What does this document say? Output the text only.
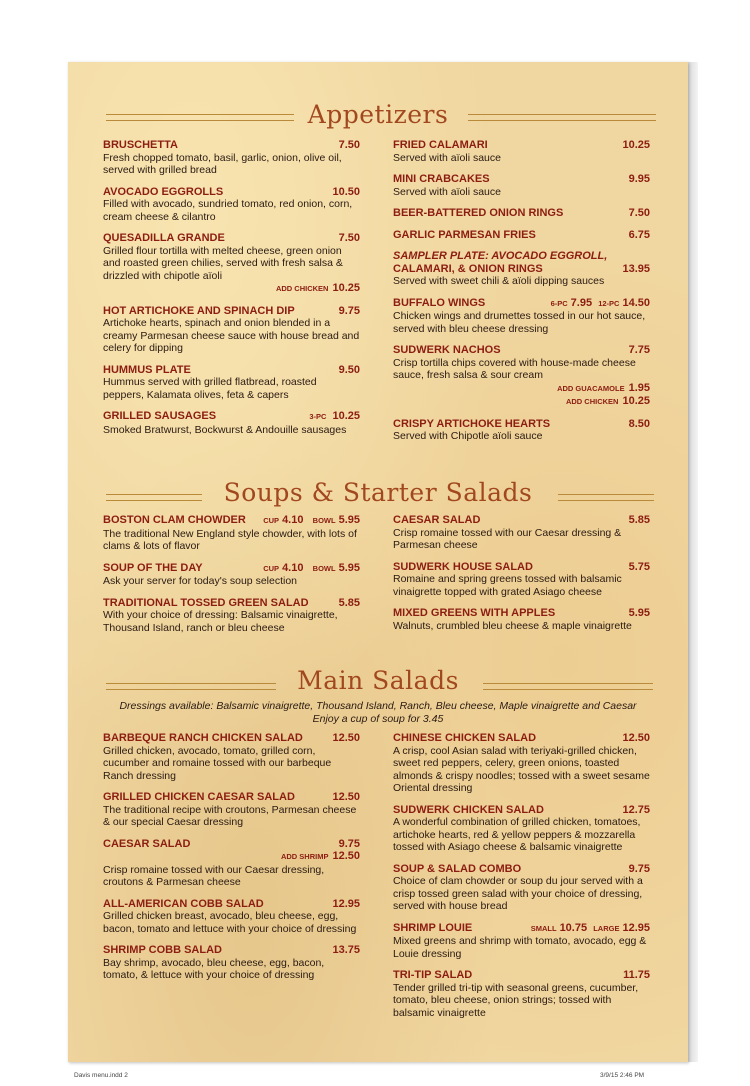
Appetizers
BRUSCHETTA	7.50
Fresh chopped tomato, basil, garlic, onion, olive oil, served with grilled bread
AVOCADO EGGROLLS	10.50
Filled with avocado, sundried tomato, red onion, corn, cream cheese & cilantro
QUESADILLA GRANDE	7.50
Grilled flour tortilla with melted cheese, green onion and roasted green chilies, served with fresh salsa & drizzled with chipotle aïoli
ADD CHICKEN 10.25
HOT ARTICHOKE AND SPINACH DIP	9.75
Artichoke hearts, spinach and onion blended in a creamy Parmesan cheese sauce with house bread and celery for dipping
HUMMUS PLATE	9.50
Hummus served with grilled flatbread, roasted peppers, Kalamata olives, feta & capers
GRILLED SAUSAGES	3-PC 10.25
Smoked Bratwurst, Bockwurst & Andouille sausages
FRIED CALAMARI	10.25
Served with aïoli sauce
MINI CRABCAKES	9.95
Served with aïoli sauce
BEER-BATTERED ONION RINGS	7.50
GARLIC PARMESAN FRIES	6.75
SAMPLER PLATE: AVOCADO EGGROLL,
CALAMARI, & ONION RINGS	13.95
Served with sweet chili & aïoli dipping sauces
BUFFALO WINGS	6-PC 7.95 12-PC 14.50
Chicken wings and drumettes tossed in our hot sauce, served with bleu cheese dressing
SUDWERK NACHOS	7.75
Crisp tortilla chips covered with house-made cheese sauce, fresh salsa & sour cream
ADD GUACAMOLE 1.95
ADD CHICKEN 10.25
CRISPY ARTICHOKE HEARTS	8.50
Served with Chipotle aïoli sauce
Soups & Starter Salads
BOSTON CLAM CHOWDER CUP 4.10 BOWL 5.95
The traditional New England style chowder, with lots of clams & lots of flavor
SOUP OF THE DAY	CUP 4.10 BOWL 5.95
Ask your server for today's soup selection
TRADITIONAL TOSSED GREEN SALAD	5.85
With your choice of dressing: Balsamic vinaigrette, Thousand Island, ranch or bleu cheese
CAESAR SALAD	5.85
Crisp romaine tossed with our Caesar dressing & Parmesan cheese
SUDWERK HOUSE SALAD	5.75
Romaine and spring greens tossed with balsamic vinaigrette topped with grated Asiago cheese
MIXED GREENS WITH APPLES	5.95
Walnuts, crumbled bleu cheese & maple vinaigrette
Main Salads
Dressings available: Balsamic vinaigrette, Thousand Island, Ranch, Bleu cheese, Maple vinaigrette and Caesar
Enjoy a cup of soup for 3.45
BARBEQUE RANCH CHICKEN SALAD	12.50
Grilled chicken, avocado, tomato, grilled corn, cucumber and romaine tossed with our barbeque Ranch dressing
GRILLED CHICKEN CAESAR SALAD	12.50
The traditional recipe with croutons, Parmesan cheese & our special Caesar dressing
CAESAR SALAD	9.75
ADD SHRIMP 12.50
Crisp romaine tossed with our Caesar dressing, croutons & Parmesan cheese
ALL-AMERICAN COBB SALAD	12.95
Grilled chicken breast, avocado, bleu cheese, egg, bacon, tomato and lettuce with your choice of dressing
SHRIMP COBB SALAD	13.75
Bay shrimp, avocado, bleu cheese, egg, bacon, tomato, & lettuce with your choice of dressing
CHINESE CHICKEN SALAD	12.50
A crisp, cool Asian salad with teriyaki-grilled chicken, sweet red peppers, celery, green onions, toasted almonds & crispy noodles; tossed with a sweet sesame Oriental dressing
SUDWERK CHICKEN SALAD	12.75
A wonderful combination of grilled chicken, tomatoes, artichoke hearts, red & yellow peppers & mozzarella tossed with Asiago cheese & balsamic vinaigrette
SOUP & SALAD COMBO	9.75
Choice of clam chowder or soup du jour served with a crisp tossed green salad with your choice of dressing, served with house bread
SHRIMP LOUIE	SMALL 10.75 LARGE 12.95
Mixed greens and shrimp with tomato, avocado, egg & Louie dressing
TRI-TIP SALAD	11.75
Tender grilled tri-tip with seasonal greens, cucumber, tomato, bleu cheese, onion strings; tossed with balsamic vinaigrette
Davis menu.indd 2	3/9/15 2:46 PM
